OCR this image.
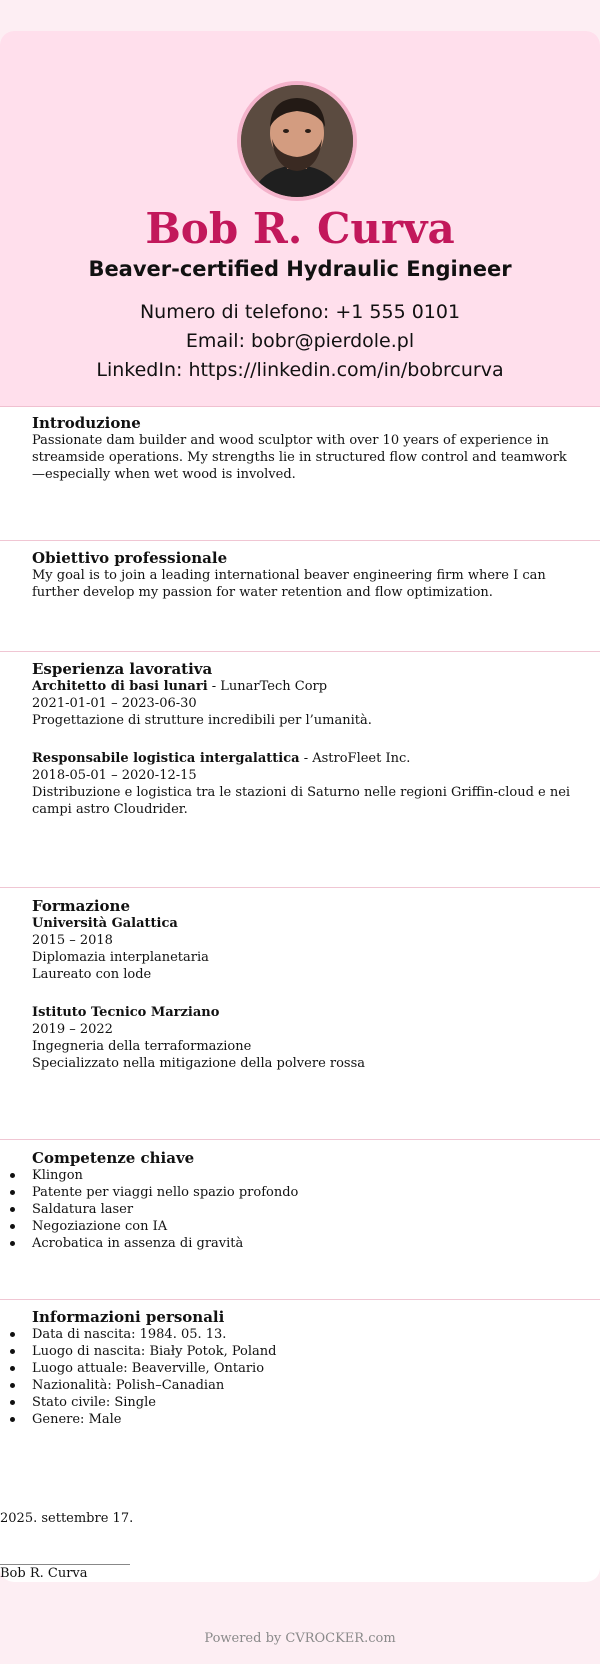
Bob R. Curva
Beaver-certified Hydraulic Engineer
Numero di telefono: +1 555 0101
Email: bobr@pierdole.pl
LinkedIn: https://linkedin.com/in/bobrcurva
Introduzione

Passionate dam builder and wood sculptor with over 10 years of experience in streamside operations. My strengths lie in structured flow control and teamwork—especially when wet wood is involved.

Obiettivo professionale

My goal is to join a leading international beaver engineering firm where I can further develop my passion for water retention and flow optimization.

Esperienza lavorativa

Architetto di basi lunari - LunarTech Corp

2021-01-01 – 2023-06-30

Progettazione di strutture incredibili per l’umanità.

Responsabile logistica intergalattica - AstroFleet Inc.

2018-05-01 – 2020-12-15

Distribuzione e logistica tra le stazioni di Saturno nelle regioni Griffin-cloud e nei campi astro Cloudrider.

Formazione

Università Galattica

2015 – 2018

Diplomazia interplanetaria

Laureato con lode

Istituto Tecnico Marziano

2019 – 2022

Ingegneria della terraformazione

Specializzato nella mitigazione della polvere rossa

Competenze chiave
Klingon
Patente per viaggi nello spazio profondo
Saldatura laser
Negoziazione con IA
Acrobatica in assenza di gravità
Informazioni personali
Data di nascita: 1984. 05. 13.
Luogo di nascita: Biały Potok, Poland
Luogo attuale: Beaverville, Ontario
Nazionalità: Polish–Canadian
Stato civile: Single
Genere: Male
2025. settembre 17.
Bob R. Curva
Powered by CVROCKER.com
